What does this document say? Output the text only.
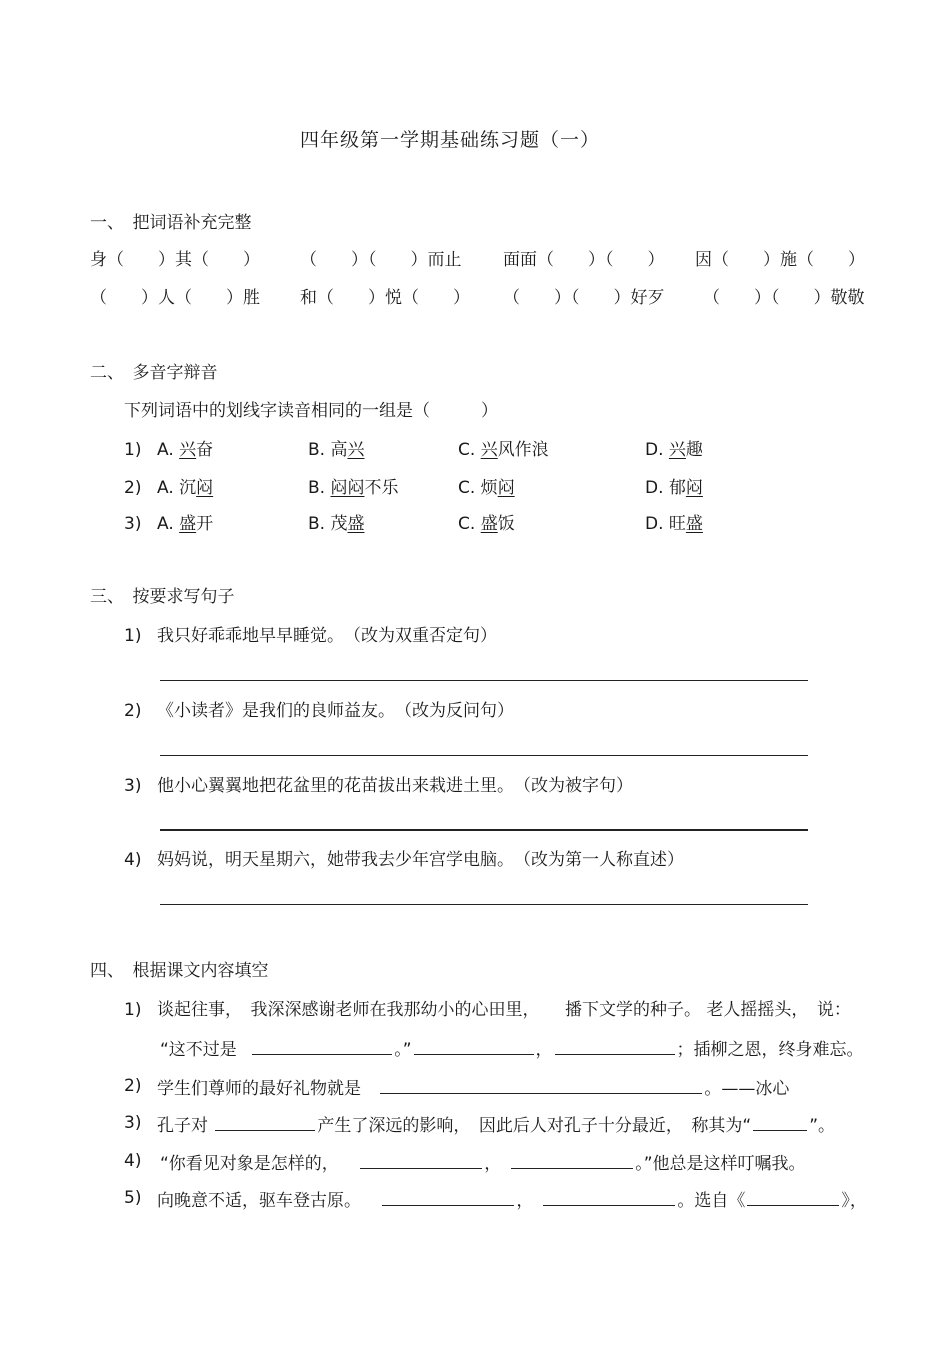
四年级第一学期基础练习题（一）
一、　把词语补充完整
身（　　）其（　　） （　　）（　　）而止 面面（　　）（　　） 因（　　）施（　　）
（　　）人（　　）胜 和（　　）悦（　　） （　　）（　　）好歹 （　　）（　　）敬敬
二、　多音字辩音
下列词语中的划线字读音相同的一组是（　　　）
1) A. 兴奋	B. 高兴	C. 兴风作浪	D. 兴趣
2) A. 沉闷	B. 闷闷不乐	C. 烦闷	D. 郁闷
3) A. 盛开	B. 茂盛	C. 盛饭	D. 旺盛
三、　按要求写句子
1) 我只好乖乖地早早睡觉。　（改为双重否定句）
2) 《小读者》是我们的良师益友。　（改为反问句）
3) 他小心翼翼地把花盆里的花苗拔出来栽进土里。　（改为被字句）
4) 妈妈说，明天星期六，她带我去少年宫学电脑。　（改为第一人称直述）
四、　根据课文内容填空
1) 谈起往事，　我深深感谢老师在我那幼小的心田里，　　播下文学的种子。 老人摇摇头，　说：
“这不过是	。”	，	；插柳之恩，终身难忘。
2) 学生们尊师的最好礼物就是	。——冰心
3) 孔子对	产生了深远的影响，　因此后人对孔子十分最近，　称其为“	”。
4) “你看见对象是怎样的，	，	。”他总是这样叮嘱我。
5) 向晚意不适，驱车登古原。	，	。选自《	》，
